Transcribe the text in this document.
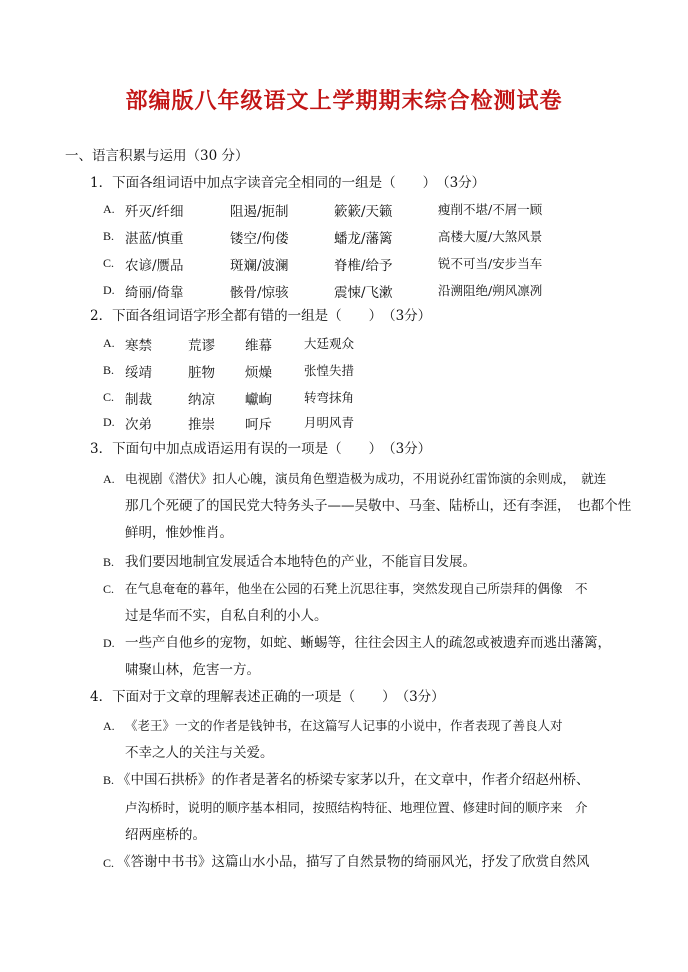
部编版八年级语文上学期期末综合检测试卷
一、语言积累与运用（30 分）
1．下面各组词语中加点字读音完全相同的一组是（　　）　（3分）
A. 歼灭/纤细	阻遏/扼制	簌簌/天籁	瘦削不堪/不屑一顾
B. 湛蓝/慎重	镂空/佝偻	蟠龙/藩篱	高楼大厦/大煞风景
C. 农谚/赝品	斑斓/波澜	脊椎/给予	锐不可当/安步当车
D. 绮丽/倚靠	骸骨/惊骇	震悚/飞漱	沿溯阻绝/朔风凛冽
2．下面各组词语字形全都有错的一组是（　　）　（3分）
A. 寒禁	荒谬 维幕	大廷观众
B. 绥靖	脏物 烦燥	张惶失措
C. 制裁	纳凉 巘峋	转弯抹角
D. 次弟	推崇 呵斥	月明风青
3．下面句中加点成语运用有误的一项是（　　）　（3分）
A. 电视剧《潜伏》扣人心魄，演员角色塑造极为成功，不用说孙红雷饰演的余则成，　就连
那几个死硬了的国民党大特务头子——吴敬中、马奎、陆桥山，还有李涯，　也都个性
鲜明，惟妙惟肖。
B. 我们要因地制宜发展适合本地特色的产业，不能盲目发展。
C. 在气息奄奄的暮年，他坐在公园的石凳上沉思往事，突然发现自己所崇拜的偶像　不
过是华而不实，自私自利的小人。
D. 一些产自他乡的宠物，如蛇、蜥蜴等，往往会因主人的疏忽或被遗弃而逃出藩篱，
啸聚山林，危害一方。
4．下面对于文章的理解表述正确的一项是（　　）　（3分）
A. 《老王》一文的作者是钱钟书，在这篇写人记事的小说中，作者表现了善良人对
不幸之人的关注与关爱。
B. 《中国石拱桥》的作者是著名的桥梁专家茅以升，在文章中，作者介绍赵州桥、
卢沟桥时，说明的顺序基本相同，按照结构特征、地理位置、修建时间的顺序来　介
绍两座桥的。
C. 《答谢中书书》这篇山水小品，描写了自然景物的绮丽风光，抒发了欣赏自然风
